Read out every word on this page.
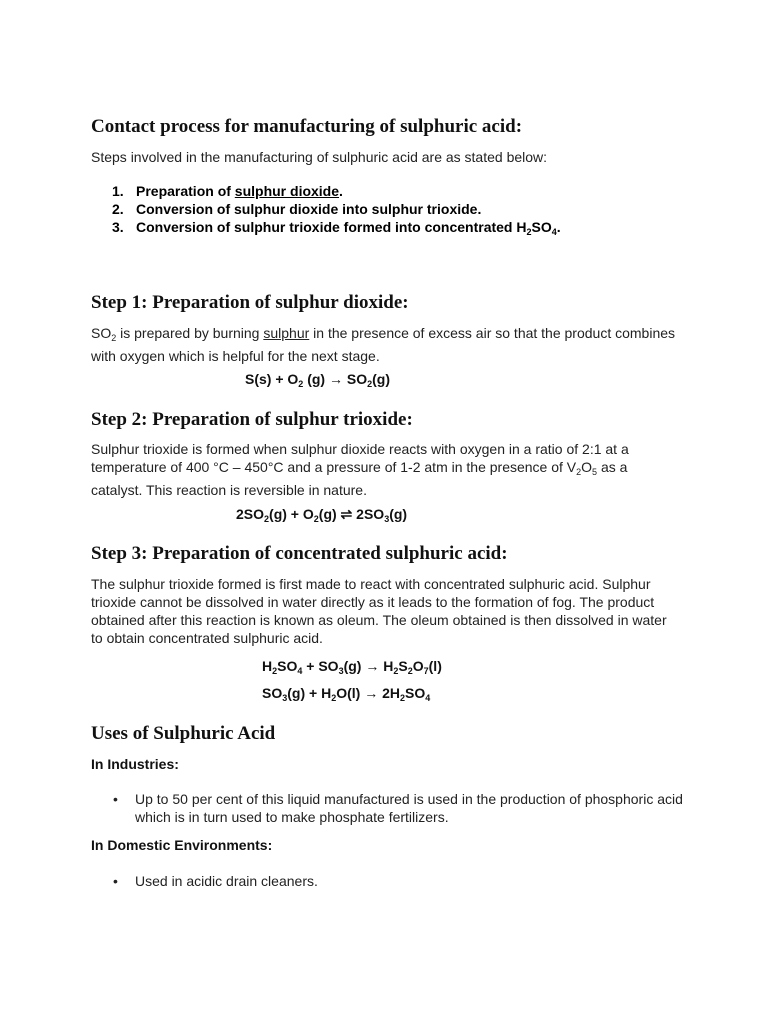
Contact process for manufacturing of sulphuric acid:

Steps involved in the manufacturing of sulphuric acid are as stated below:

1. Preparation of sulphur dioxide.
2. Conversion of sulphur dioxide into sulphur trioxide.
3. Conversion of sulphur trioxide formed into concentrated $H_2SO_4$.
Step 1: Preparation of sulphur dioxide:

$SO_2$ is prepared by burning sulphur in the presence of excess air so that the product combines with oxygen which is helpful for the next stage.

$S(s) + O_2$ $(g) \to SO_2(g)$
Step 2: Preparation of sulphur trioxide:

Sulphur trioxide is formed when sulphur dioxide reacts with oxygen in a ratio of 2:1 at a temperature of 400 °C – 450°C and a pressure of 1-2 atm in the presence of $V_2O_5$ as a catalyst. This reaction is reversible in nature.

$2SO_2(g) + O_2(g)$ ⇌ $2SO_3(g)$
Step 3: Preparation of concentrated sulphuric acid:

The sulphur trioxide formed is first made to react with concentrated sulphuric acid. Sulphur trioxide cannot be dissolved in water directly as it leads to the formation of fog. The product obtained after this reaction is known as oleum. The oleum obtained is then dissolved in water to obtain concentrated sulphuric acid.

$H_2SO_4 + SO_3(g) \to H_2S_2O_7(l)$
$SO_3(g) + H_2O(l) \to 2H_2SO_4$
Uses of Sulphuric Acid
In Industries:
• Up to 50 per cent of this liquid manufactured is used in the production of phosphoric acid which is in turn used to make phosphate fertilizers.
In Domestic Environments:
• Used in acidic drain cleaners.
